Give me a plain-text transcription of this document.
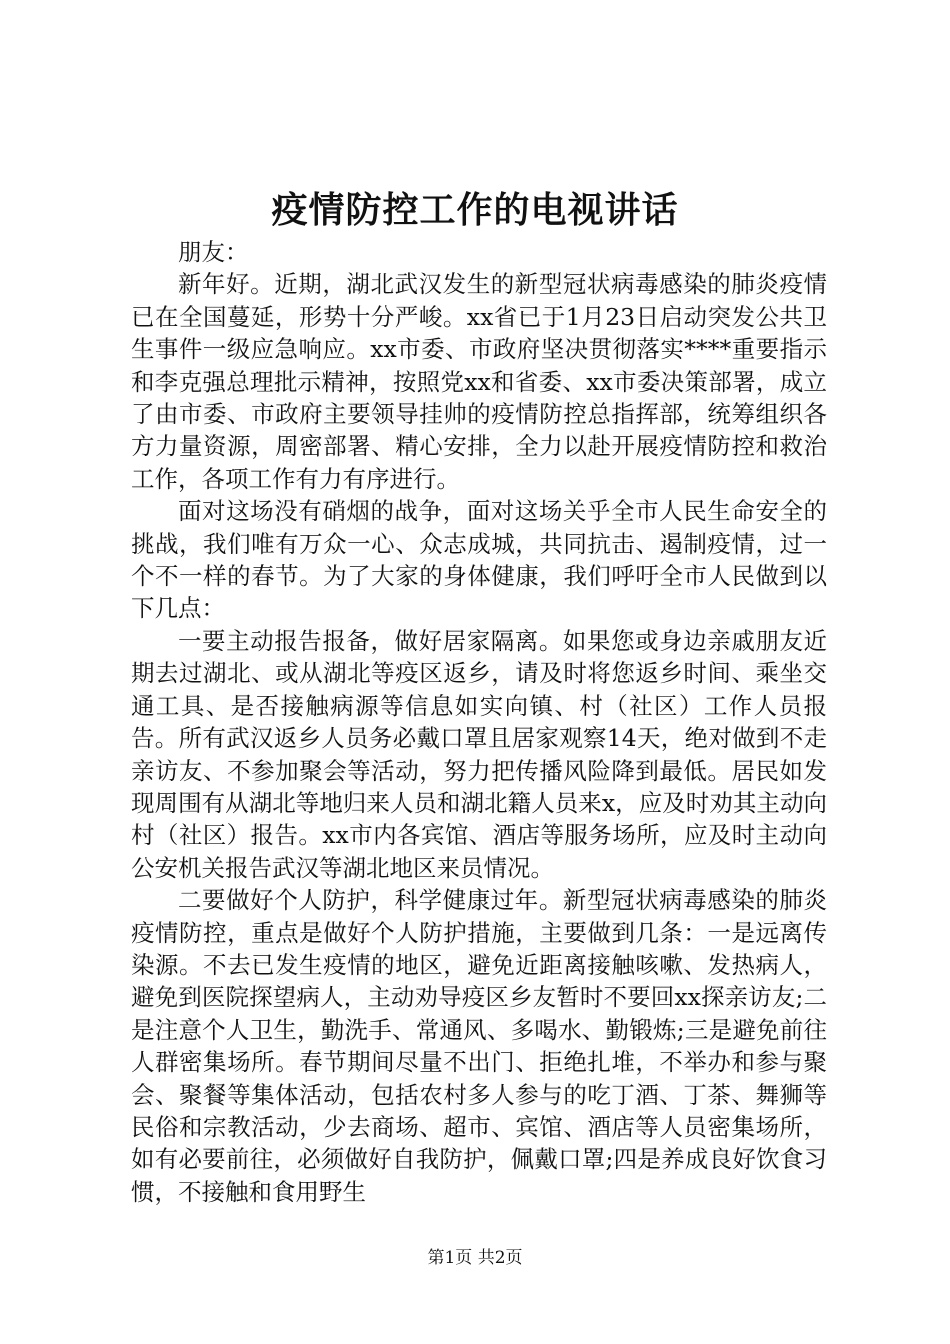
疫情防控工作的电视讲话

朋友：

新年好。近期，湖北武汉发生的新型冠状病毒感染的肺炎疫情已在全国蔓延，形势十分严峻。xx省已于1月23日启动突发公共卫生事件一级应急响应。xx市委、市政府坚决贯彻落实****重要指示和李克强总理批示精神，按照党xx和省委、xx市委决策部署，成立了由市委、市政府主要领导挂帅的疫情防控总指挥部，统筹组织各方力量资源，周密部署、精心安排，全力以赴开展疫情防控和救治工作，各项工作有力有序进行。

面对这场没有硝烟的战争，面对这场关乎全市人民生命安全的挑战，我们唯有万众一心、众志成城，共同抗击、遏制疫情，过一个不一样的春节。为了大家的身体健康，我们呼吁全市人民做到以下几点：

一要主动报告报备，做好居家隔离。如果您或身边亲戚朋友近期去过湖北、或从湖北等疫区返乡，请及时将您返乡时间、乘坐交通工具、是否接触病源等信息如实向镇、村（社区）工作人员报告。所有武汉返乡人员务必戴口罩且居家观察14天，绝对做到不走亲访友、不参加聚会等活动，努力把传播风险降到最低。居民如发现周围有从湖北等地归来人员和湖北籍人员来x，应及时劝其主动向村（社区）报告。xx市内各宾馆、酒店等服务场所，应及时主动向公安机关报告武汉等湖北地区来员情况。

二要做好个人防护，科学健康过年。新型冠状病毒感染的肺炎疫情防控，重点是做好个人防护措施，主要做到几条：一是远离传染源。不去已发生疫情的地区，避免近距离接触咳嗽、发热病人，避免到医院探望病人，主动劝导疫区乡友暂时不要回xx探亲访友;二是注意个人卫生，勤洗手、常通风、多喝水、勤锻炼;三是避免前往人群密集场所。春节期间尽量不出门、拒绝扎堆，不举办和参与聚会、聚餐等集体活动，包括农村多人参与的吃丁酒、丁茶、舞狮等民俗和宗教活动，少去商场、超市、宾馆、酒店等人员密集场所，如有必要前往，必须做好自我防护，佩戴口罩;四是养成良好饮食习惯，不接触和食用野生

第1页 共2页
